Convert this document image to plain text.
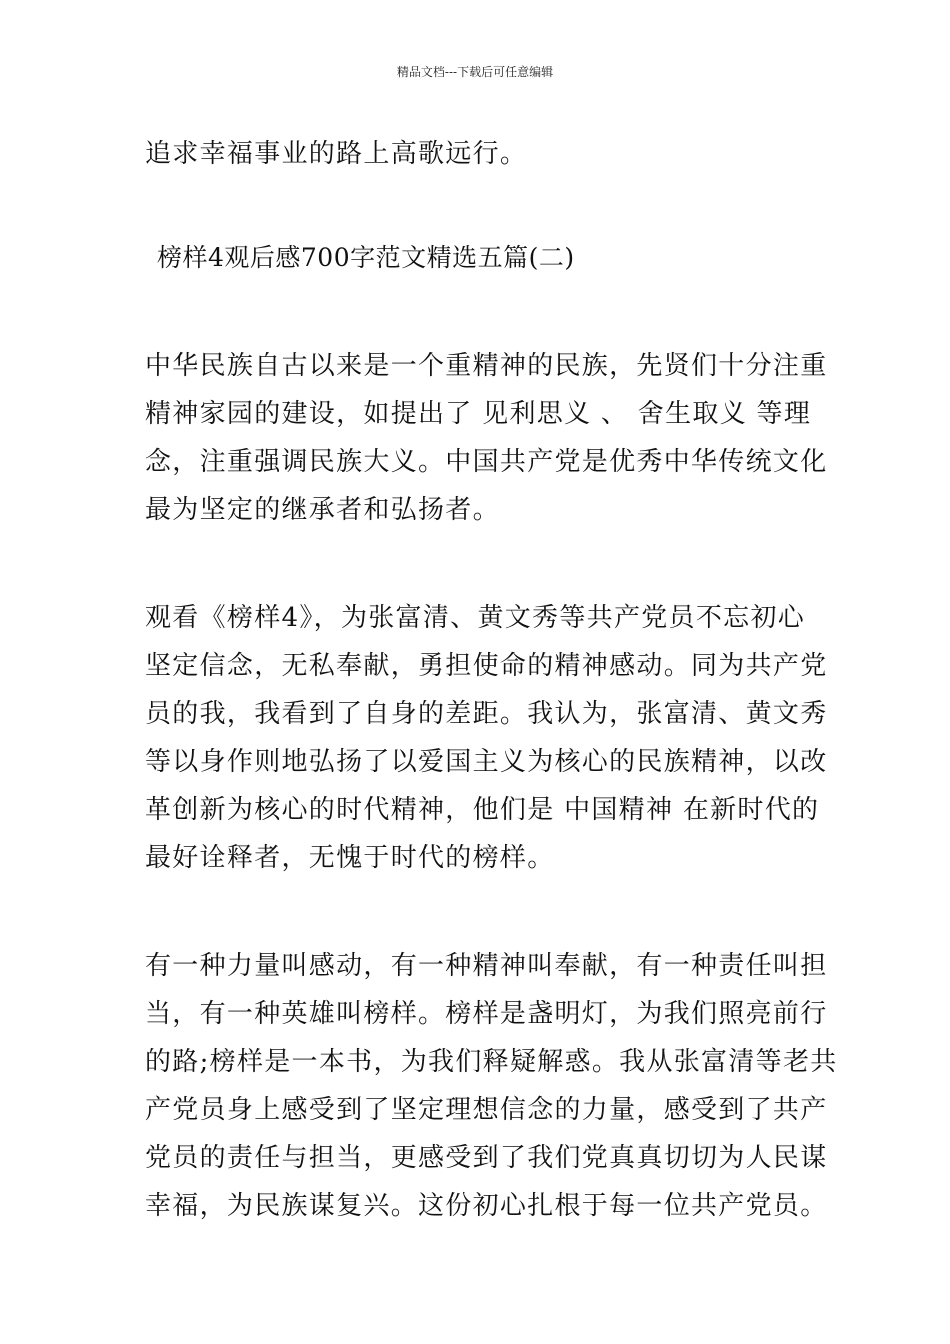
精品文档---下载后可任意编辑

追求幸福事业的路上高歌远行。

榜样4观后感700字范文精选五篇(二)

中华民族自古以来是一个重精神的民族，先贤们十分注重
精神家园的建设，如提出了 见利思义 、 舍生取义 等理
念，注重强调民族大义。中国共产党是优秀中华传统文化
最为坚定的继承者和弘扬者。

观看《榜样4》，为张富清、黄文秀等共产党员不忘初心
坚定信念，无私奉献，勇担使命的精神感动。同为共产党
员的我，我看到了自身的差距。我认为，张富清、黄文秀
等以身作则地弘扬了以爱国主义为核心的民族精神，以改
革创新为核心的时代精神，他们是 中国精神 在新时代的
最好诠释者，无愧于时代的榜样。

有一种力量叫感动，有一种精神叫奉献，有一种责任叫担
当，有一种英雄叫榜样。榜样是盏明灯，为我们照亮前行
的路;榜样是一本书，为我们释疑解惑。我从张富清等老共
产党员身上感受到了坚定理想信念的力量，感受到了共产
党员的责任与担当，更感受到了我们党真真切切为人民谋
幸福，为民族谋复兴。这份初心扎根于每一位共产党员。
